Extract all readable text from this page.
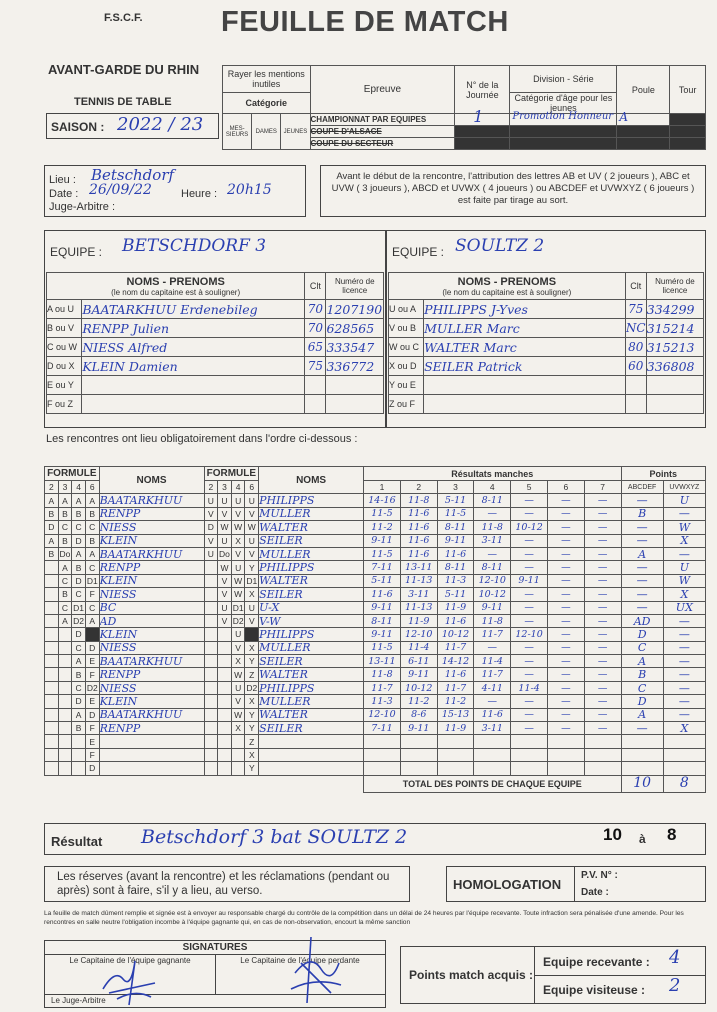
F.S.C.F.	FEUILLE DE MATCH
AVANT-GARDE DU RHIN
TENNIS DE TABLE
SAISON : 2022 / 23
Rayer les mentions inutiles			Epreuve	N° de la Journée	Division - Série	Poule	Tour
Catégorie					Catégorie d'âge pour les jeunes		
MES-SIEURS	DAMES	JEUNES	CHAMPIONNAT PAR EQUIPES	1	Promotion Honneur	A	

			COUPE D'ALSACE				
			COUPE DU SECTEUR				
Lieu : Betschdorf
Date : 26/09/22	Heure : 20h15
Juge-Arbitre :
Avant le début de la rencontre, l'attribution des lettres AB et UV ( 2 joueurs ), ABC et UVW ( 3 joueurs ), ABCD et UVWX ( 4 joueurs ) ou ABCDEF et UVWXYZ ( 6 joueurs ) est faite par tirage au sort.
EQUIPE : BETSCHDORF 3	EQUIPE : SOULTZ 2
NOMS - PRENOMS
(le nom du capitaine est à souligner)		Clt	Numéro de licence
A ou U	BAATARKHUU Erdenebileg	70	1207190
B ou V	RENPP Julien	70	628565
C ou W	NIESS Alfred	65	333547
D ou X	KLEIN Damien	75	336772
E ou Y			
F ou Z			
NOMS - PRENOMS
(le nom du capitaine est à souligner)		Clt	Numéro de licence
U ou A	PHILIPPS J-Yves	75	334299
V ou B	MULLER Marc	NC	315214
W ou C	WALTER Marc	80	315213
X ou D	SEILER Patrick	60	336808
Y ou E			
Z ou F			
Les rencontres ont lieu obligatoirement dans l'ordre ci-dessous :
FORMULE				NOMS	FORMULE				NOMS	Résultats manches							Points	
2	3	4	6		2	3	4	6		1	2	3	4	5	6	7	ABCDEF	UVWXYZ
A	A	A	A	BAATARKHUU	U	U	U	U	PHILIPPS	14-16	11-8	5-11	8-11	—	—	—	—	U
B	B	B	B	RENPP	V	V	V	V	MULLER	11-5	11-6	11-5	—	—	—	—	B	—
D	C	C	C	NIESS	D	W	W	W	WALTER	11-2	11-6	8-11	11-8	10-12	—	—	—	W
A	B	D	B	KLEIN	V	U	X	U	SEILER	9-11	11-6	9-11	3-11	—	—	—	—	X
B	Do	A	A	BAATARKHUU	U	Do	V	V	MULLER	11-5	11-6	11-6	—	—	—	—	A	—
	A	B	C	RENPP		W	U	Y	PHILIPPS	7-11	13-11	8-11	8-11	—	—	—	—	U
	C	D	D1	KLEIN		V	W	D1	WALTER	5-11	11-13	11-3	12-10	9-11	—	—	—	W
	B	C	F	NIESS		V	W	X	SEILER	11-6	3-11	5-11	10-12	—	—	—	—	X
	C	D1	C	BC		U	D1	U	U-X	9-11	11-13	11-9	9-11	—	—	—	—	UX
	A	D2	A	AD		V	D2	V	V-W	8-11	11-9	11-6	11-8	—	—	—	AD	—
		D		KLEIN			U		PHILIPPS	9-11	12-10	10-12	11-7	12-10	—	—	D	—
		C	D	NIESS			V	X	MULLER	11-5	11-4	11-7	—	—	—	—	C	—
		A	E	BAATARKHUU			X	Y	SEILER	13-11	6-11	14-12	11-4	—	—	—	A	—
		B	F	RENPP			W	Z	WALTER	11-8	9-11	11-6	11-7	—	—	—	B	—
		C	D2	NIESS			U	D2	PHILIPPS	11-7	10-12	11-7	4-11	11-4	—	—	C	—
		D	E	KLEIN			V	X	MULLER	11-3	11-2	11-2	—	—	—	—	D	—
		A	D	BAATARKHUU			W	Y	WALTER	12-10	8-6	15-13	11-6	—	—	—	A	—
		B	F	RENPP			X	Y	SEILER	7-11	9-11	11-9	3-11	—	—	—	—	X
			E					Z										
			F					X										
			D					Y										
										TOTAL DES POINTS DE CHAQUE EQUIPE							10	8
Résultat Betschdorf 3 bat SOULTZ 2	10 à 8
Les réserves (avant la rencontre) et les réclamations (pendant ou après) sont à faire, s'il y a lieu, au verso.	HOMOLOGATION
P.V. N° :
Date :
La feuille de match dûment remplie et signée est à envoyer au responsable chargé du contrôle de la compétition dans un délai de 24 heures par l'équipe recevante. Toute infraction sera pénalisée d'une amende. Pour les rencontres en salle neutre l'obligation incombe à l'équipe gagnante qui, en cas de non-observation, encourt la même sanction
SIGNATURES
Le Capitaine de l'équipe gagnante	Le Capitaine de l'équipe perdante
Le Juge-Arbitre
Points match acquis :
Equipe recevante : 4
Equipe visiteuse : 2
